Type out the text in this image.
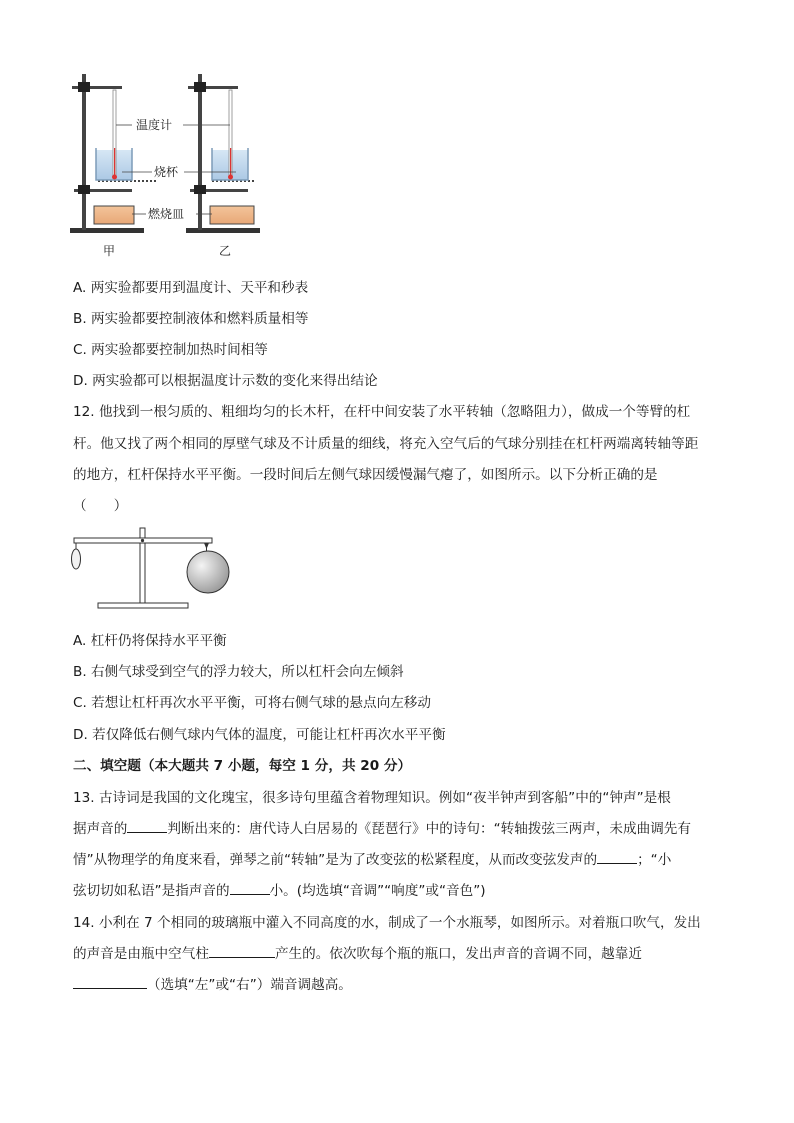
温度计
烧杯
燃烧皿
甲	乙
A. 两实验都要用到温度计、天平和秒表
B. 两实验都要控制液体和燃料质量相等
C. 两实验都要控制加热时间相等
D. 两实验都可以根据温度计示数的变化来得出结论
12. 他找到一根匀质的、粗细均匀的长木杆，在杆中间安装了水平转轴（忽略阻力），做成一个等臂的杠
杆。他又找了两个相同的厚壁气球及不计质量的细线，将充入空气后的气球分别挂在杠杆两端离转轴等距
的地方，杠杆保持水平平衡。一段时间后左侧气球因缓慢漏气瘪了，如图所示。以下分析正确的是
（　　）
A. 杠杆仍将保持水平平衡
B. 右侧气球受到空气的浮力较大，所以杠杆会向左倾斜
C. 若想让杠杆再次水平平衡，可将右侧气球的悬点向左移动
D. 若仅降低右侧气球内气体的温度，可能让杠杆再次水平平衡
二、填空题（本大题共 7 小题，每空 1 分，共 20 分）
13. 古诗词是我国的文化瑰宝，很多诗句里蕴含着物理知识。例如“夜半钟声到客船”中的“钟声”是根
据声音的	判断出来的：唐代诗人白居易的《琵琶行》中的诗句：“转轴拨弦三两声，未成曲调先有
情”从物理学的角度来看，弹琴之前“转轴”是为了改变弦的松紧程度，从而改变弦发声的	；“小
弦切切如私语”是指声音的	小。(均选填“音调”“响度”或“音色”)
14. 小利在 7 个相同的玻璃瓶中灌入不同高度的水，制成了一个水瓶琴，如图所示。对着瓶口吹气，发出
的声音是由瓶中空气柱	产生的。依次吹每个瓶的瓶口，发出声音的音调不同，越靠近
（选填“左”或“右”）端音调越高。
